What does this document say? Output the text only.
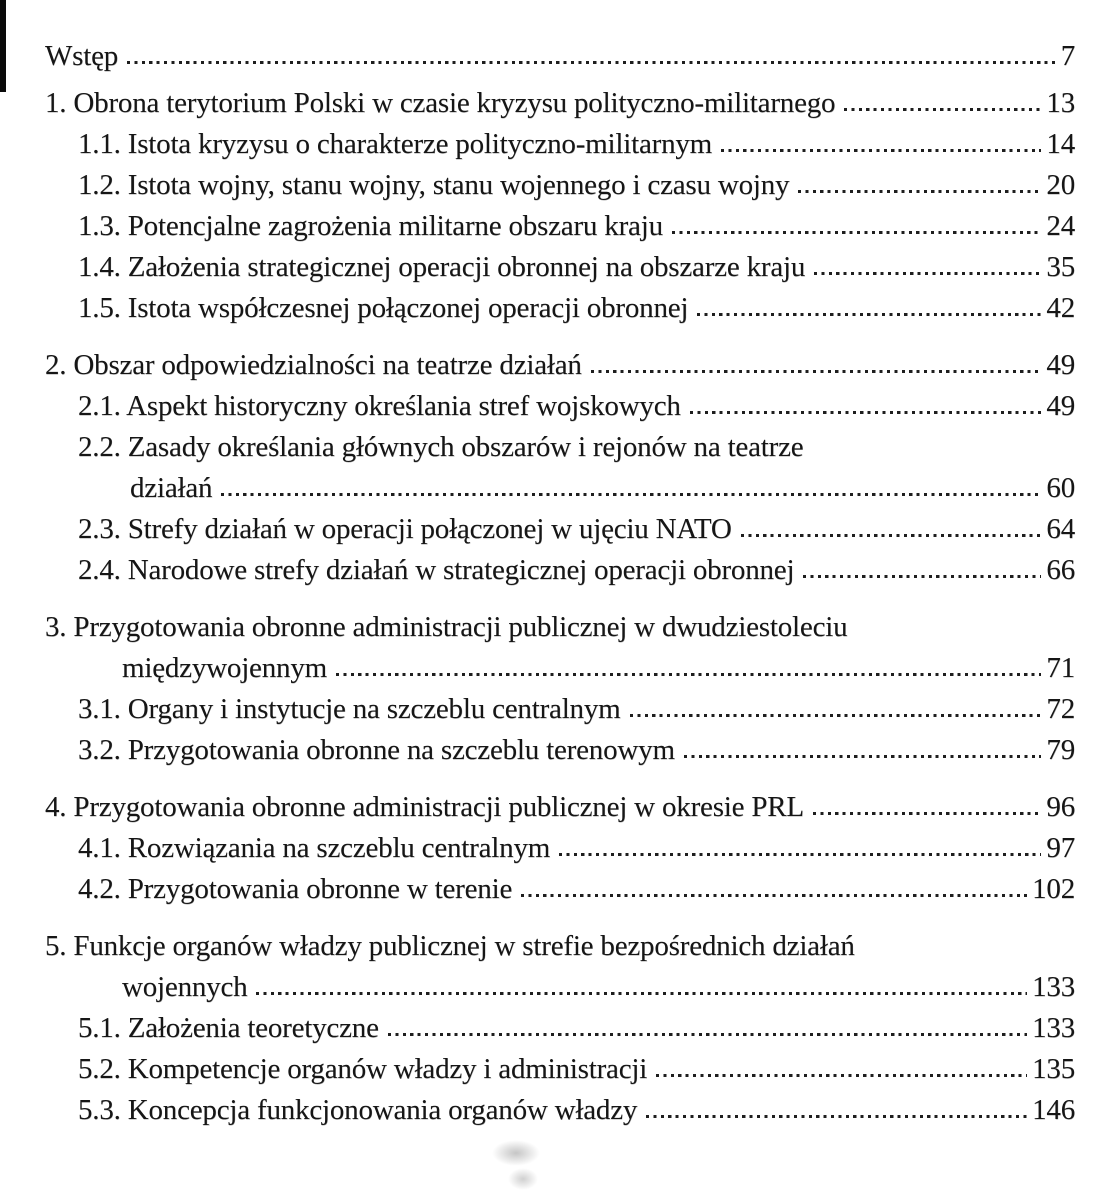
Wstęp	7
1. Obrona terytorium Polski w czasie kryzysu polityczno-militarnego	13
1.1. Istota kryzysu o charakterze polityczno-militarnym	14
1.2. Istota wojny, stanu wojny, stanu wojennego i czasu wojny	20
1.3. Potencjalne zagrożenia militarne obszaru kraju	24
1.4. Założenia strategicznej operacji obronnej na obszarze kraju	35
1.5. Istota współczesnej połączonej operacji obronnej	42
2. Obszar odpowiedzialności na teatrze działań	49
2.1. Aspekt historyczny określania stref wojskowych	49
2.2. Zasady określania głównych obszarów i rejonów na teatrze
działań	60
2.3. Strefy działań w operacji połączonej w ujęciu NATO	64
2.4. Narodowe strefy działań w strategicznej operacji obronnej	66
3. Przygotowania obronne administracji publicznej w dwudziestoleciu
międzywojennym	71
3.1. Organy i instytucje na szczeblu centralnym	72
3.2. Przygotowania obronne na szczeblu terenowym	79
4. Przygotowania obronne administracji publicznej w okresie PRL	96
4.1. Rozwiązania na szczeblu centralnym	97
4.2. Przygotowania obronne w terenie	102
5. Funkcje organów władzy publicznej w strefie bezpośrednich działań
wojennych	133
5.1. Założenia teoretyczne	133
5.2. Kompetencje organów władzy i administracji	135
5.3. Koncepcja funkcjonowania organów władzy	146
